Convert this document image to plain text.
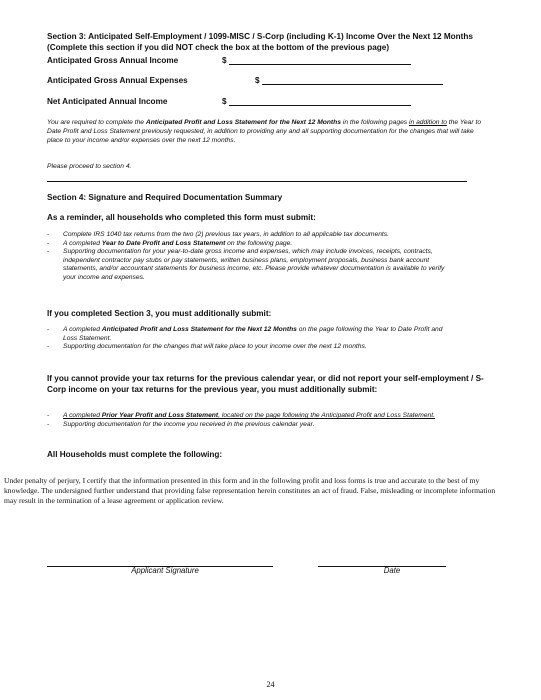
Section 3: Anticipated Self-Employment / 1099-MISC / S-Corp (including K-1) Income Over the Next 12 Months (Complete this section if you did NOT check the box at the bottom of the previous page)
Anticipated Gross Annual Income	$
Anticipated Gross Annual Expenses	$
Net Anticipated Annual Income	$
You are required to complete the Anticipated Profit and Loss Statement for the Next 12 Months in the following pages in addition to the Year to Date Profit and Loss Statement previously requested, in addition to providing any and all supporting documentation for the changes that will take place to your income and/or expenses over the next 12 months.
Please proceed to section 4.
Section 4: Signature and Required Documentation Summary
As a reminder, all households who completed this form must submit:
- Complete IRS 1040 tax returns from the two (2) previous tax years, in addition to all applicable tax documents.
- A completed Year to Date Profit and Loss Statement on the following page.
- Supporting documentation for your year-to-date gross income and expenses, which may include invoices, receipts, contracts, independent contractor pay stubs or pay statements, written business plans, employment proposals, business bank account statements, and/or accountant statements for business income, etc. Please provide whatever documentation is available to verify your income and expenses.
If you completed Section 3, you must additionally submit:
- A completed Anticipated Profit and Loss Statement for the Next 12 Months on the page following the Year to Date Profit and Loss Statement.
- Supporting documentation for the changes that will take place to your income over the next 12 months.
If you cannot provide your tax returns for the previous calendar year, or did not report your self-employment / S-Corp income on your tax returns for the previous year, you must additionally submit:
- A completed Prior Year Profit and Loss Statement, located on the page following the Anticipated Profit and Loss Statement.
- Supporting documentation for the income you received in the previous calendar year.
All Households must complete the following:
Under penalty of perjury, I certify that the information presented in this form and in the following profit and loss forms is true and accurate to the best of my knowledge. The undersigned further understand that providing false representation herein constitutes an act of fraud. False, misleading or incomplete information may result in the termination of a lease agreement or application review.
Applicant Signature	Date
24
